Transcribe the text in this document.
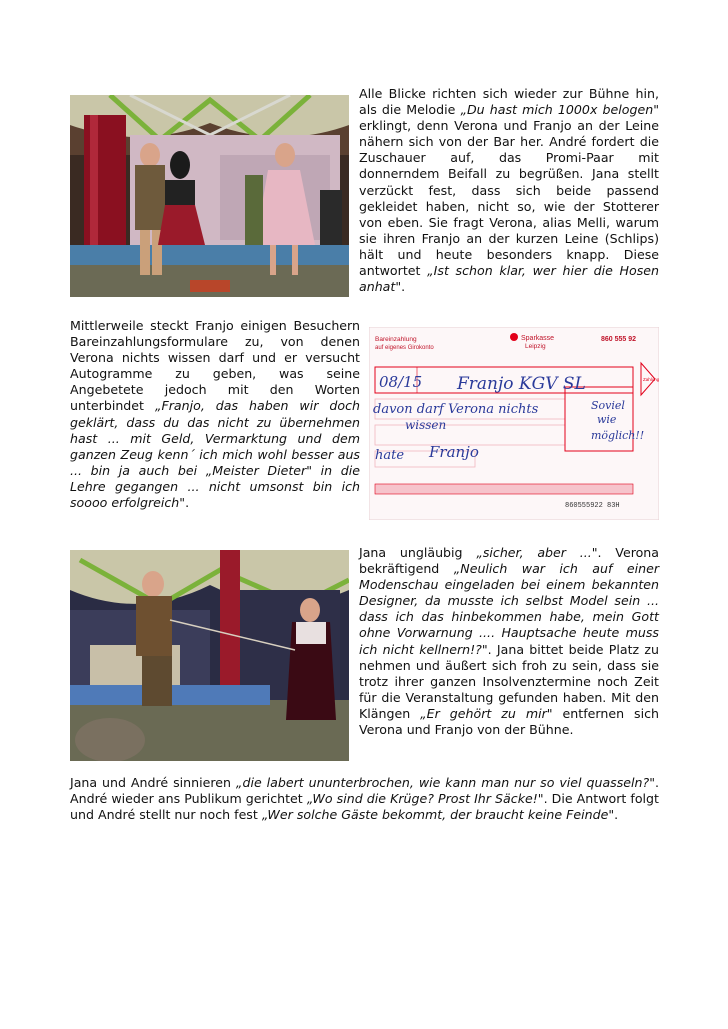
Alle Blicke richten sich wieder zur Bühne hin, als die Melodie „Du hast mich 1000x belogen" erklingt, denn Verona und Franjo an der Leine nähern sich von der Bar her. André fordert die Zuschauer auf, das Promi-Paar mit donnerndem Beifall zu begrüßen. Jana stellt verzückt fest, dass sich beide passend gekleidet haben, nicht so, wie der Stotterer von eben. Sie fragt Verona, alias Melli, warum sie ihren Franjo an der kurzen Leine (Schlips) hält und heute besonders knapp. Diese antwortet „Ist schon klar, wer hier die Hosen anhat".
Mittlerweile steckt Franjo einigen Besuchern Bareinzahlungsformulare zu, von denen Verona nichts wissen darf und er versucht Autogramme zu geben, was seine Angebetete jedoch mit den Worten unterbindet „Franjo, das haben wir doch geklärt, dass du das nicht zu übernehmen hast ... mit Geld, Vermarktung und dem ganzen Zeug kenn´ ich mich wohl besser aus ... bin ja auch bei „Meister Dieter" in die Lehre gegangen ... nicht umsonst bin ich soooo erfolgreich".
Bareinzahlung
auf eigenes Girokonto
Sparkasse
Leipzig
860 555 92
Zahlung
08/15 Franjo KGV SL
davon darf Verona nichts
wissen
Soviel
wie
möglich!!
hate Franjo
860555922 83H
Jana ungläubig „sicher, aber ...". Verona bekräftigend „Neulich war ich auf einer Modenschau eingeladen bei einem bekannten Designer, da musste ich selbst Model sein ... dass ich das hinbekommen habe, mein Gott ohne Vorwarnung .... Hauptsache heute muss ich nicht kellnern!?". Jana bittet beide Platz zu nehmen und äußert sich froh zu sein, dass sie trotz ihrer ganzen Insolvenztermine noch Zeit für die Veranstaltung gefunden haben. Mit den Klängen „Er gehört zu mir" entfernen sich Verona und Franjo von der Bühne.
Jana und André sinnieren „die labert ununterbrochen, wie kann man nur so viel quasseln?". André wieder ans Publikum gerichtet „Wo sind die Krüge? Prost Ihr Säcke!". Die Antwort folgt und André stellt nur noch fest „Wer solche Gäste bekommt, der braucht keine Feinde".
